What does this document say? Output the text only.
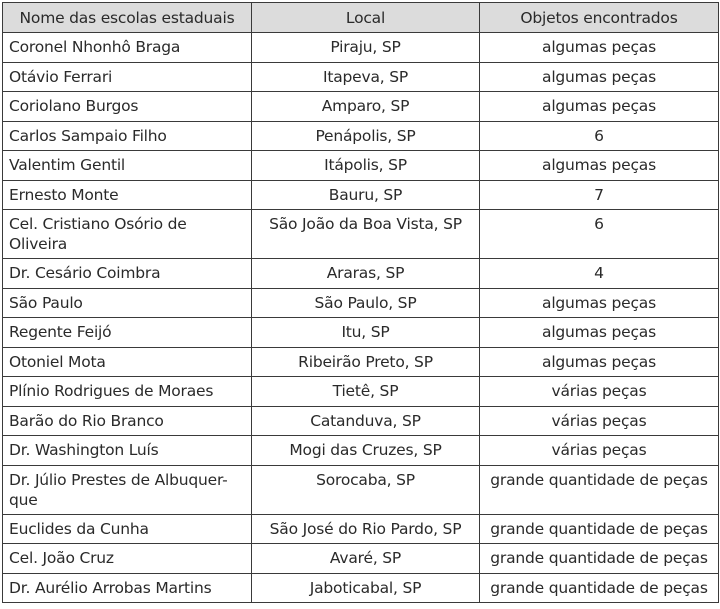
Nome das escolas estaduais	Local	Objetos encontrados
Coronel Nhonhô Braga	Piraju, SP	algumas peças
Otávio Ferrari	Itapeva, SP	algumas peças
Coriolano Burgos	Amparo, SP	algumas peças
Carlos Sampaio Filho	Penápolis, SP	6
Valentim Gentil	Itápolis, SP	algumas peças
Ernesto Monte	Bauru, SP	7
Cel. Cristiano Osório de Oliveira	São João da Boa Vista, SP	6
Dr. Cesário Coimbra	Araras, SP	4
São Paulo	São Paulo, SP	algumas peças
Regente Feijó	Itu, SP	algumas peças
Otoniel Mota	Ribeirão Preto, SP	algumas peças
Plínio Rodrigues de Moraes	Tietê, SP	várias peças
Barão do Rio Branco	Catanduva, SP	várias peças
Dr. Washington Luís	Mogi das Cruzes, SP	várias peças
Dr. Júlio Prestes de Albuquer-que	Sorocaba, SP	grande quantidade de peças
Euclides da Cunha	São José do Rio Pardo, SP	grande quantidade de peças
Cel. João Cruz	Avaré, SP	grande quantidade de peças
Dr. Aurélio Arrobas Martins	Jaboticabal, SP	grande quantidade de peças
